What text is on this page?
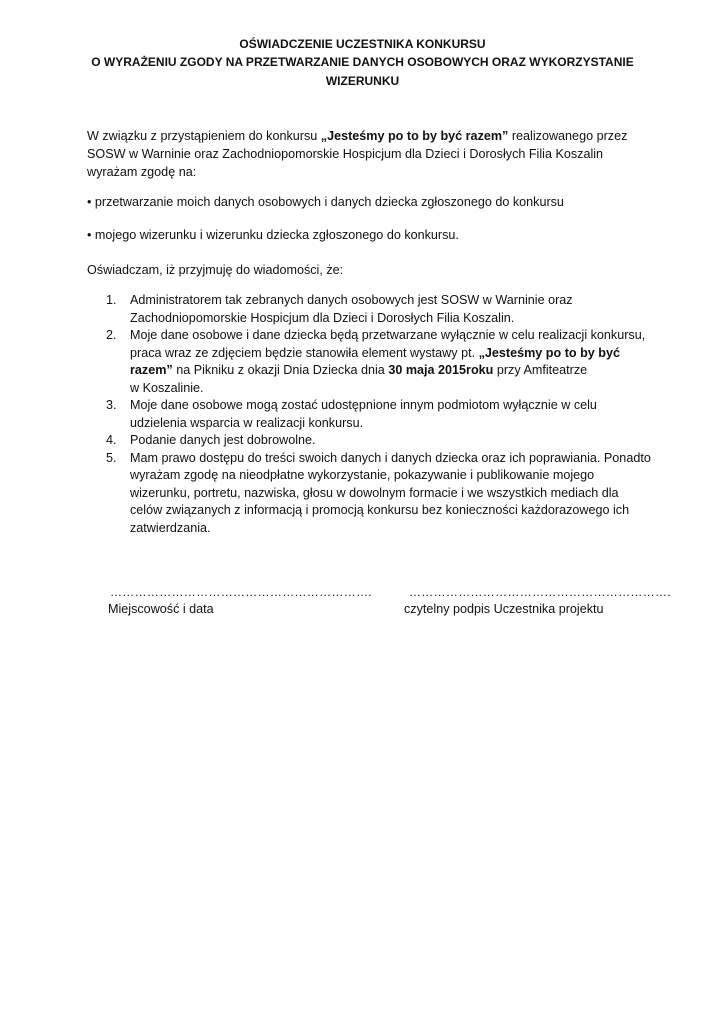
OŚWIADCZENIE UCZESTNIKA KONKURSU
O WYRAŻENIU ZGODY NA PRZETWARZANIE DANYCH OSOBOWYCH ORAZ WYKORZYSTANIE
WIZERUNKU
W związku z przystąpieniem do konkursu „Jesteśmy po to by być razem” realizowanego przez SOSW w Warninie oraz Zachodniopomorskie Hospicjum dla Dzieci i Dorosłych Filia Koszalin wyrażam zgodę na:
• przetwarzanie moich danych osobowych i danych dziecka zgłoszonego do konkursu
• mojego wizerunku i wizerunku dziecka zgłoszonego do konkursu.
Oświadczam, iż przyjmuję do wiadomości, że:
1. Administratorem tak zebranych danych osobowych jest SOSW w Warninie oraz Zachodniopomorskie Hospicjum dla Dzieci i Dorosłych Filia Koszalin.
2. Moje dane osobowe i dane dziecka będą przetwarzane wyłącznie w celu realizacji konkursu, praca wraz ze zdjęciem będzie stanowiła element wystawy pt. „Jesteśmy po to by być razem” na Pikniku z okazji Dnia Dziecka dnia 30 maja 2015roku przy Amfiteatrze
w Koszalinie.
3. Moje dane osobowe mogą zostać udostępnione innym podmiotom wyłącznie w celu udzielenia wsparcia w realizacji konkursu.
4. Podanie danych jest dobrowolne.
5. Mam prawo dostępu do treści swoich danych i danych dziecka oraz ich poprawiania. Ponadto wyrażam zgodę na nieodpłatne wykorzystanie, pokazywanie i publikowanie mojego wizerunku, portretu, nazwiska, głosu w dowolnym formacie i we wszystkich mediach dla celów związanych z informacją i promocją konkursu bez konieczności każdorazowego ich zatwierdzania.
……………………………………………………….	……………………………………………………….
Miejscowość i data	czytelny podpis Uczestnika projektu
